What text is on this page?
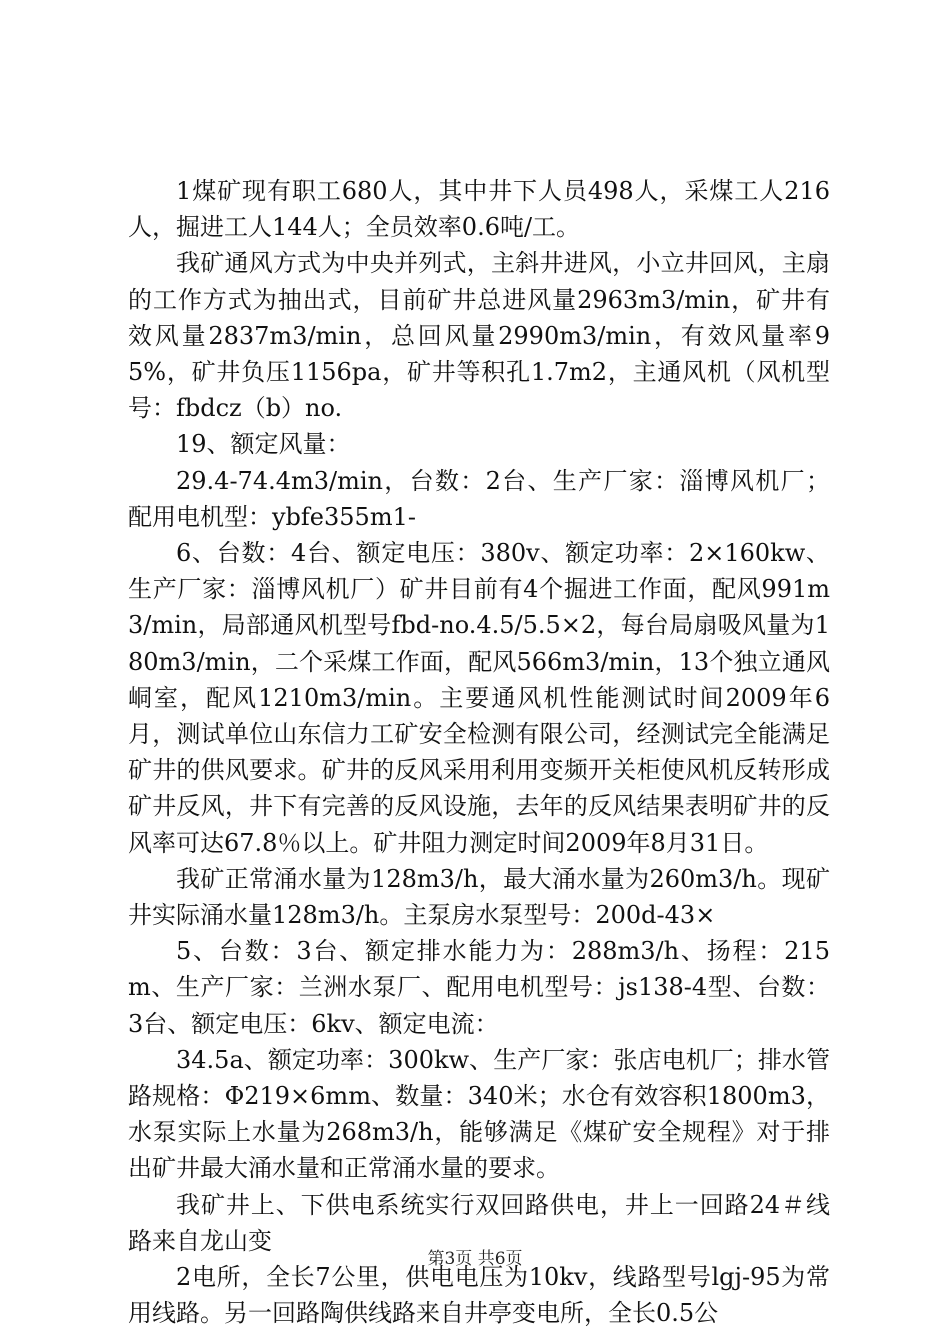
1煤矿现有职工680人，其中井下人员498人，采煤工人216人，掘进工人144人；全员效率0.6吨/工。

我矿通风方式为中央并列式，主斜井进风，小立井回风，主扇的工作方式为抽出式，目前矿井总进风量2963m3/min，矿井有效风量2837m3/min，总回风量2990m3/min，有效风量率95%，矿井负压1156pa，矿井等积孔1.7m2，主通风机（风机型号：fbdcz（b）no.

19、额定风量：

29.4-74.4m3/min，台数：2台、生产厂家：淄博风机厂；配用电机型：ybfe355m1-

6、台数：4台、额定电压：380v、额定功率：2×160kw、生产厂家：淄博风机厂）矿井目前有4个掘进工作面，配风991m3/min，局部通风机型号fbd-no.4.5/5.5×2，每台局扇吸风量为180m3/min，二个采煤工作面，配风566m3/min，13个独立通风峒室，配风1210m3/min。主要通风机性能测试时间2009年6月，测试单位山东信力工矿安全检测有限公司，经测试完全能满足矿井的供风要求。矿井的反风采用利用变频开关柜使风机反转形成矿井反风，井下有完善的反风设施，去年的反风结果表明矿井的反风率可达67.8％以上。矿井阻力测定时间2009年8月31日。

我矿正常涌水量为128m3/h，最大涌水量为260m3/h。现矿井实际涌水量128m3/h。主泵房水泵型号：200d-43×

5、台数：3台、额定排水能力为：288m3/h、扬程：215m、生产厂家：兰洲水泵厂、配用电机型号：js138-4型、台数：3台、额定电压：6kv、额定电流：

34.5a、额定功率：300kw、生产厂家：张店电机厂；排水管路规格：Φ219×6mm、数量：340米；水仓有效容积1800m3，水泵实际上水量为268m3/h，能够满足《煤矿安全规程》对于排出矿井最大涌水量和正常涌水量的要求。

我矿井上、下供电系统实行双回路供电，井上一回路24＃线路来自龙山变

2电所，全长7公里，供电电压为10kv，线路型号lgj-95为常用线路。另一回路陶供线路来自井亭变电所，全长0.5公

第3页 共6页
